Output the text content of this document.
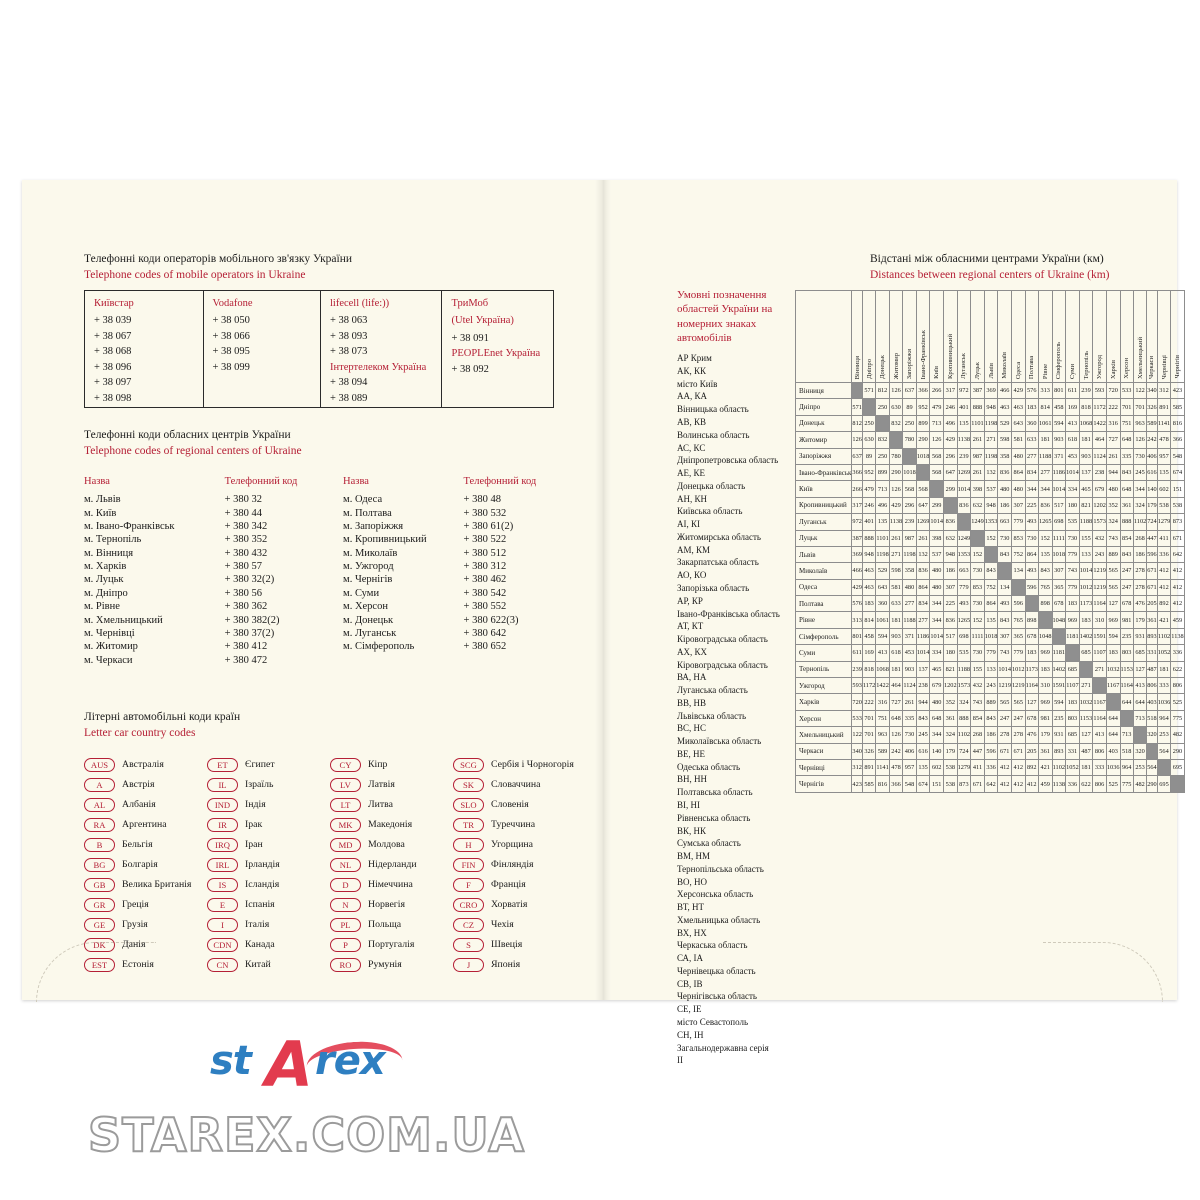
Телефонні коди операторів мобільного зв'язку України
Telephone codes of mobile operators in Ukraine
Київстар
+ 38 039
+ 38 067
+ 38 068
+ 38 096
+ 38 097
+ 38 098
Vodafone
+ 38 050
+ 38 066
+ 38 095
+ 38 099
lifecell (life:))
+ 38 063
+ 38 093
+ 38 073
Інтертелеком Україна
+ 38 094
+ 38 089
ТриМоб
(Utel Україна)
+ 38 091
PEOPLEnet Україна
+ 38 092
Телефонні коди обласних центрів України
Telephone codes of regional centers of Ukraine
Назва	Телефонний код		Назва	Телефонний код
м. Львів	+ 380 32		м. Одеса	+ 380 48
м. Київ	+ 380 44		м. Полтава	+ 380 532
м. Івано-Франківськ	+ 380 342		м. Запоріжжя	+ 380 61(2)
м. Тернопіль	+ 380 352		м. Кропивницький	+ 380 522
м. Вінниця	+ 380 432		м. Миколаїв	+ 380 512
м. Харків	+ 380 57		м. Ужгород	+ 380 312
м. Луцьк	+ 380 32(2)		м. Чернігів	+ 380 462
м. Дніпро	+ 380 56		м. Суми	+ 380 542
м. Рівне	+ 380 362		м. Херсон	+ 380 552
м. Хмельницький	+ 380 382(2)		м. Донецьк	+ 380 622(3)
м. Чернівці	+ 380 37(2)		м. Луганськ	+ 380 642
м. Житомир	+ 380 412		м. Сімферополь	+ 380 652
м. Черкаси	+ 380 472			
Літерні автомобільні коди країн
Letter car country codes
AUS	Австралія	ET	Єгипет	CY	Кіпр	SCG	Сербія і Чорногорія
A	Австрія	IL	Ізраїль	LV	Латвія	SK	Словаччина
AL	Албанія	IND	Індія	LT	Литва	SLO	Словенія
RA	Аргентина	IR	Ірак	MK	Македонія	TR	Туреччина
B	Бельгія	IRQ	Іран	MD	Молдова	H	Угорщина
BG	Болгарія	IRL	Ірландія	NL	Нідерланди	FIN	Фінляндія
GB	Велика Британія	IS	Ісландія	D	Німеччина	F	Франція
GR	Греція	E	Іспанія	N	Норвегія	CRO	Хорватія
GE	Грузія	I	Італія	PL	Польща	CZ	Чехія
DK	Данія	CDN	Канада	P	Португалія	S	Швеція
EST	Естонія	CN	Китай	RO	Румунія	J	Японія
Відстані між обласними центрами України (км)
Distances between regional centers of Ukraine (km)
Умовні позначення областей України на номерних знаках автомобілів
АР Крим
АК, КК
місто Київ
АА, КА
Вінницька область
АВ, КВ
Волинська область
АС, КС
Дніпропетровська область
АЕ, КЕ
Донецька область
АН, КН
Київська область
АІ, КІ
Житомирська область
АМ, КМ
Закарпатська область
АО, КО
Запорізька область
АР, КР
Івано-Франківська область
АТ, КТ
Кіровоградська область
АХ, КХ
Кіровоградська область
ВА, НА
Луганська область
ВВ, НВ
Львівська область
ВС, НС
Миколаївська область
ВЕ, НЕ
Одеська область
ВН, НН
Полтавська область
ВІ, НІ
Рівненська область
ВК, НК
Сумська область
ВМ, НМ
Тернопільська область
ВО, НО
Херсонська область
ВТ, НТ
Хмельницька область
ВХ, НХ
Черкаська область
СА, ІА
Чернівецька область
СВ, ІВ
Чернігівська область
СЕ, ІЕ
місто Севастополь
СН, ІН
Загальнодержавна серія
ІІ

	Вінниця	Дніпро	Донецьк	Житомир	Запоріжжя	Івано-Франківськ	Київ	Кропивницький	Луганськ	Луцьк	Львів	Миколаїв	Одеса	Полтава	Рівне	Сімферополь	Суми	Тернопіль	Ужгород	Харків	Херсон	Хмельницький	Черкаси	Чернівці	Чернігів

Вінниця		571	812	126	637	366	266	317	972	387	369	466	429	576	313	801	611	239	593	720	533	122	340	312	423
Дніпро	571		250	630	89	952	479	246	401	888	948	463	463	183	814	458	169	818	1172	222	701	701	326	891	585
Донецьк	812	250		832	250	899	713	496	135	1101	1198	529	643	360	1061	594	413	1068	1422	316	751	963	589	1141	816
Житомир	126	630	832		780	290	126	429	1138	261	271	598	581	633	181	903	618	181	464	727	648	126	242	478	366
Запоріжжя	637	89	250	780		1018	568	296	239	987	1198	358	480	277	1188	371	453	903	1124	261	335	730	406	957	548
Івано-Франківськ	366	952	899	290	1018		568	647	1269	261	132	836	864	834	277	1186	1014	137	238	944	843	245	616	135	674
Київ	266	479	713	126	568	568		299	1014	398	537	480	480	344	344	1014	334	465	679	480	648	344	140	602	151
Кропивницький	317	246	496	429	296	647	299		836	632	948	186	307	225	836	517	180	821	1202	352	361	324	179	538	538
Луганськ	972	401	135	1138	239	1269	1014	836		1249	1353	663	779	493	1265	698	535	1188	1573	324	888	1102	724	1279	873
Луцьк	387	888	1101	261	987	261	398	632	1249		152	730	853	730	152	1111	730	155	432	743	854	268	447	411	671
Львів	369	948	1198	271	1198	132	537	948	1353	152		843	752	864	135	1018	779	133	243	889	843	186	596	336	642
Миколаїв	466	463	529	598	358	836	480	186	663	730	843		134	493	843	307	743	1014	1219	565	247	278	671	412	412
Одеса	429	463	643	581	480	864	480	307	779	853	752	134		596	765	365	779	1012	1219	565	247	278	671	412	412
Полтава	576	183	360	633	277	834	344	225	493	730	864	493	596		898	678	183	1173	1164	127	678	476	205	892	412
Рівне	313	814	1061	181	1188	277	344	836	1265	152	135	843	765	898		1048	969	183	310	969	981	179	361	421	459
Сімферополь	801	458	594	903	371	1186	1014	517	698	1111	1018	307	365	678	1048		1181	1402	1591	594	235	931	893	1102	1138
Суми	611	169	413	618	453	1014	334	180	535	730	779	743	779	183	969	1181		685	1107	183	803	685	331	1052	336
Тернопіль	239	818	1068	181	903	137	465	821	1188	155	133	1014	1012	1173	183	1402	685		271	1032	1153	127	487	181	622
Ужгород	593	1172	1422	464	1124	238	679	1202	1573	432	243	1219	1219	1164	310	1591	1107	271		1167	1164	413	806	333	806
Харків	720	222	316	727	261	944	480	352	324	743	889	565	565	127	969	594	183	1032	1167		644	644	403	1036	525
Херсон	533	701	751	648	335	843	648	361	888	854	843	247	247	678	981	235	803	1153	1164	644		713	518	964	775
Хмельницький	122	701	963	126	730	245	344	324	1102	268	186	278	278	476	179	931	685	127	413	644	713		320	253	482
Черкаси	340	326	589	242	406	616	140	179	724	447	596	671	671	205	361	893	331	487	806	403	518	320		564	290
Чернівці	312	891	1141	478	957	135	602	538	1279	411	336	412	412	892	421	1102	1052	181	333	1036	964	253	564		695
Чернігів	423	585	816	366	548	674	151	538	873	671	642	412	412	412	459	1138	336	622	806	525	775	482	290	695	
st A rex
STAREX.COM.UA
